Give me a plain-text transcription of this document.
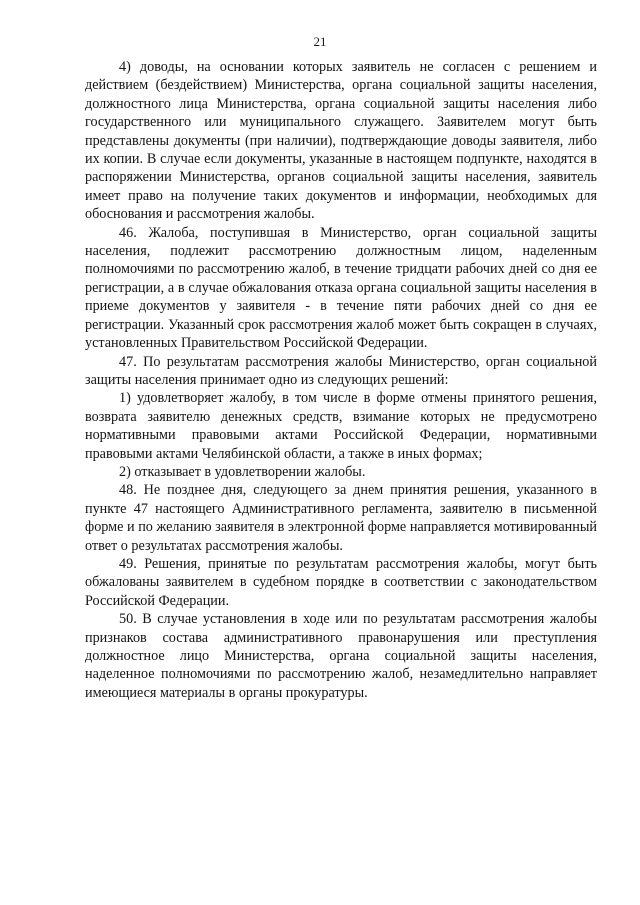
21

4) доводы, на основании которых заявитель не согласен с решением и действием (бездействием) Министерства, органа социальной защиты населения, должностного лица Министерства, органа социальной защиты населения либо государственного или муниципального служащего. Заявителем могут быть представлены документы (при наличии), подтверждающие доводы заявителя, либо их копии. В случае если документы, указанные в настоящем подпункте, находятся в распоряжении Министерства, органов социальной защиты населения, заявитель имеет право на получение таких документов и информации, необходимых для обоснования и рассмотрения жалобы.

46. Жалоба, поступившая в Министерство, орган социальной защиты населения, подлежит рассмотрению должностным лицом, наделенным полномочиями по рассмотрению жалоб, в течение тридцати рабочих дней со дня ее регистрации, а в случае обжалования отказа органа социальной защиты населения в приеме документов у заявителя - в течение пяти рабочих дней со дня ее регистрации. Указанный срок рассмотрения жалоб может быть сокращен в случаях, установленных Правительством Российской Федерации.

47. По результатам рассмотрения жалобы Министерство, орган социальной защиты населения принимает одно из следующих решений:

1) удовлетворяет жалобу, в том числе в форме отмены принятого решения, возврата заявителю денежных средств, взимание которых не предусмотрено нормативными правовыми актами Российской Федерации, нормативными правовыми актами Челябинской области, а также в иных формах;

2) отказывает в удовлетворении жалобы.

48. Не позднее дня, следующего за днем принятия решения, указанного в пункте 47 настоящего Административного регламента, заявителю в письменной форме и по желанию заявителя в электронной форме направляется мотивированный ответ о результатах рассмотрения жалобы.

49. Решения, принятые по результатам рассмотрения жалобы, могут быть обжалованы заявителем в судебном порядке в соответствии с законодательством Российской Федерации.

50. В случае установления в ходе или по результатам рассмотрения жалобы признаков состава административного правонарушения или преступления должностное лицо Министерства, органа социальной защиты населения, наделенное полномочиями по рассмотрению жалоб, незамедлительно направляет имеющиеся материалы в органы прокуратуры.
